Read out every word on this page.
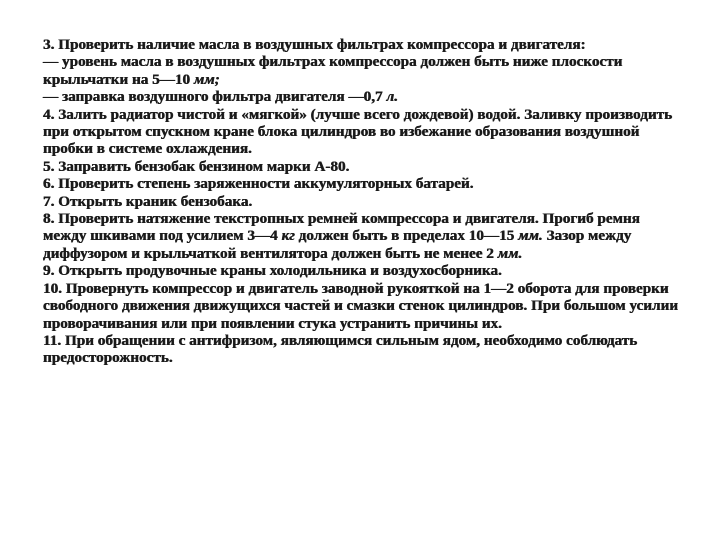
3. Проверить наличие масла в воздушных фильтрах компрессора и двигателя:

— уровень масла в воздушных фильтрах компрессора должен быть ниже плоскости крыльчатки на 5—10 мм;

— заправка воздушного фильтра двигателя —0,7 л.

4. Залить радиатор чистой и «мягкой» (лучше всего дождевой) водой. Заливку производить при открытом спускном кране блока цилиндров во избежание образования воздушной пробки в системе охлаждения.

5. Заправить бензобак бензином марки А-80.

6. Проверить степень заряженности аккумуляторных батарей.

7. Открыть краник бензобака.

8. Проверить натяжение текстропных ремней компрессора и двигателя. Прогиб ремня между шкивами под усилием 3—4 кг должен быть в пределах 10—15 мм. Зазор между диффузором и крыльчаткой вентилятора должен быть не менее 2 мм.

9. Открыть продувочные краны холодильника и воздухосборника.

10. Провернуть компрессор и двигатель заводной рукояткой на 1—2 оборота для проверки свободного движения движущихся частей и смазки стенок цилиндров. При большом усилии проворачивания или при появлении стука устранить причины их.

11. При обращении с антифризом, являющимся сильным ядом, необходимо соблюдать предосторожность.
